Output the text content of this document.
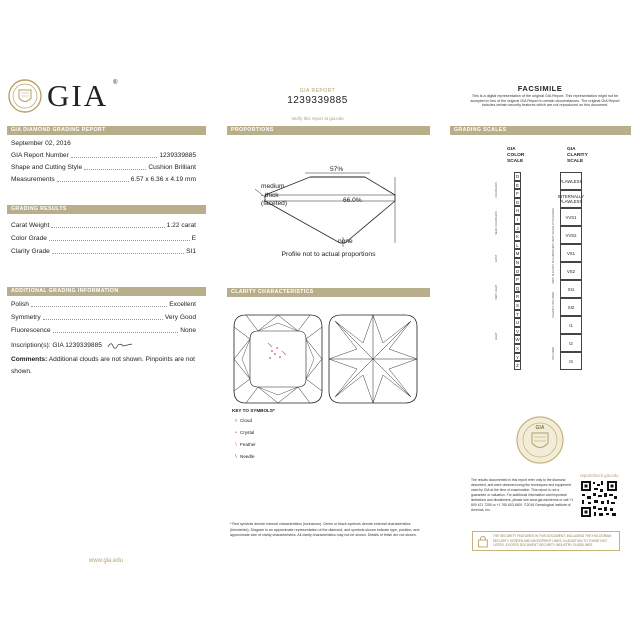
GIA ®
GIA DIAMOND GRADING REPORT
September 02, 2016
GIA Report Number	1239339885
Shape and Cutting Style	Cushion Brilliant
Measurements	6.57 x 6.36 x 4.19 mm
GRADING RESULTS
Carat Weight	1.22 carat
Color Grade	E
Clarity Grade	SI1
ADDITIONAL GRADING INFORMATION
Polish	Excellent
Symmetry	Very Good
Fluorescence	None
Inscription(s): GIA 1239339885
Comments: Additional clouds are not shown. Pinpoints are not shown.
www.gia.edu
GIA REPORT
1239339885
Verify this report at gia.edu
PROPORTIONS
57%
66.0%
medium
- thick
(faceted)
none
Profile not to actual proportions
CLARITY CHARACTERISTICS
KEY TO SYMBOLS*
○ Cloud
• Crystal
\ Feather
\ Needle
* Red symbols denote internal characteristics (inclusions). Green or black symbols denote external characteristics (blemishes). Diagram is an approximate representation of the diamond, and symbols shown indicate type, position, and approximate size of clarity characteristics. All clarity characteristics may not be shown. Details of finish are not shown.
FACSIMILE
This is a digital representation of the original GIA Report. This representation might not be accepted in lieu of the original GIA Report in certain circumstances. The original GIA Report includes certain security features which are not reproduced on this document.
GRADING SCALES
GIA
COLOR
SCALE
D
E
F
G
H
I
J
K
L
M
N
O
P
Q
R
S
T
U
V
W
X
Y
Z
COLORLESS
NEAR COLORLESS
FAINT
VERY LIGHT
LIGHT
GIA
CLARITY
SCALE
FLAWLESS
INTERNALLY FLAWLESS
VVS1
VVS2
VS1
VS2
SI1
SI2
I1
I2
I3
VERY VERY SLIGHTLY INCLUDED
VERY SLIGHTLY INCLUDED
SLIGHTLY INCLUDED
INCLUDED
GIA
reportcheck.gia.edu
The results documented in this report refer only to the diamond described, and were obtained using the techniques and equipment used by GIA at the time of examination. This report is not a guarantee or valuation. For additional information and important limitations and disclaimers, please see www.gia.edu/terms or call +1 800 421 7250 or +1 760 603 4500. ©2016 Gemological Institute of America, Inc.
THE SECURITY FEATURES IN THIS DOCUMENT, INCLUDING THE HOLOGRAM, SECURITY SCREEN AND MICROPRINT LINES, IN ADDITION TO THOSE NOT LISTED, EXCEED DOCUMENT SECURITY INDUSTRY GUIDELINES.
